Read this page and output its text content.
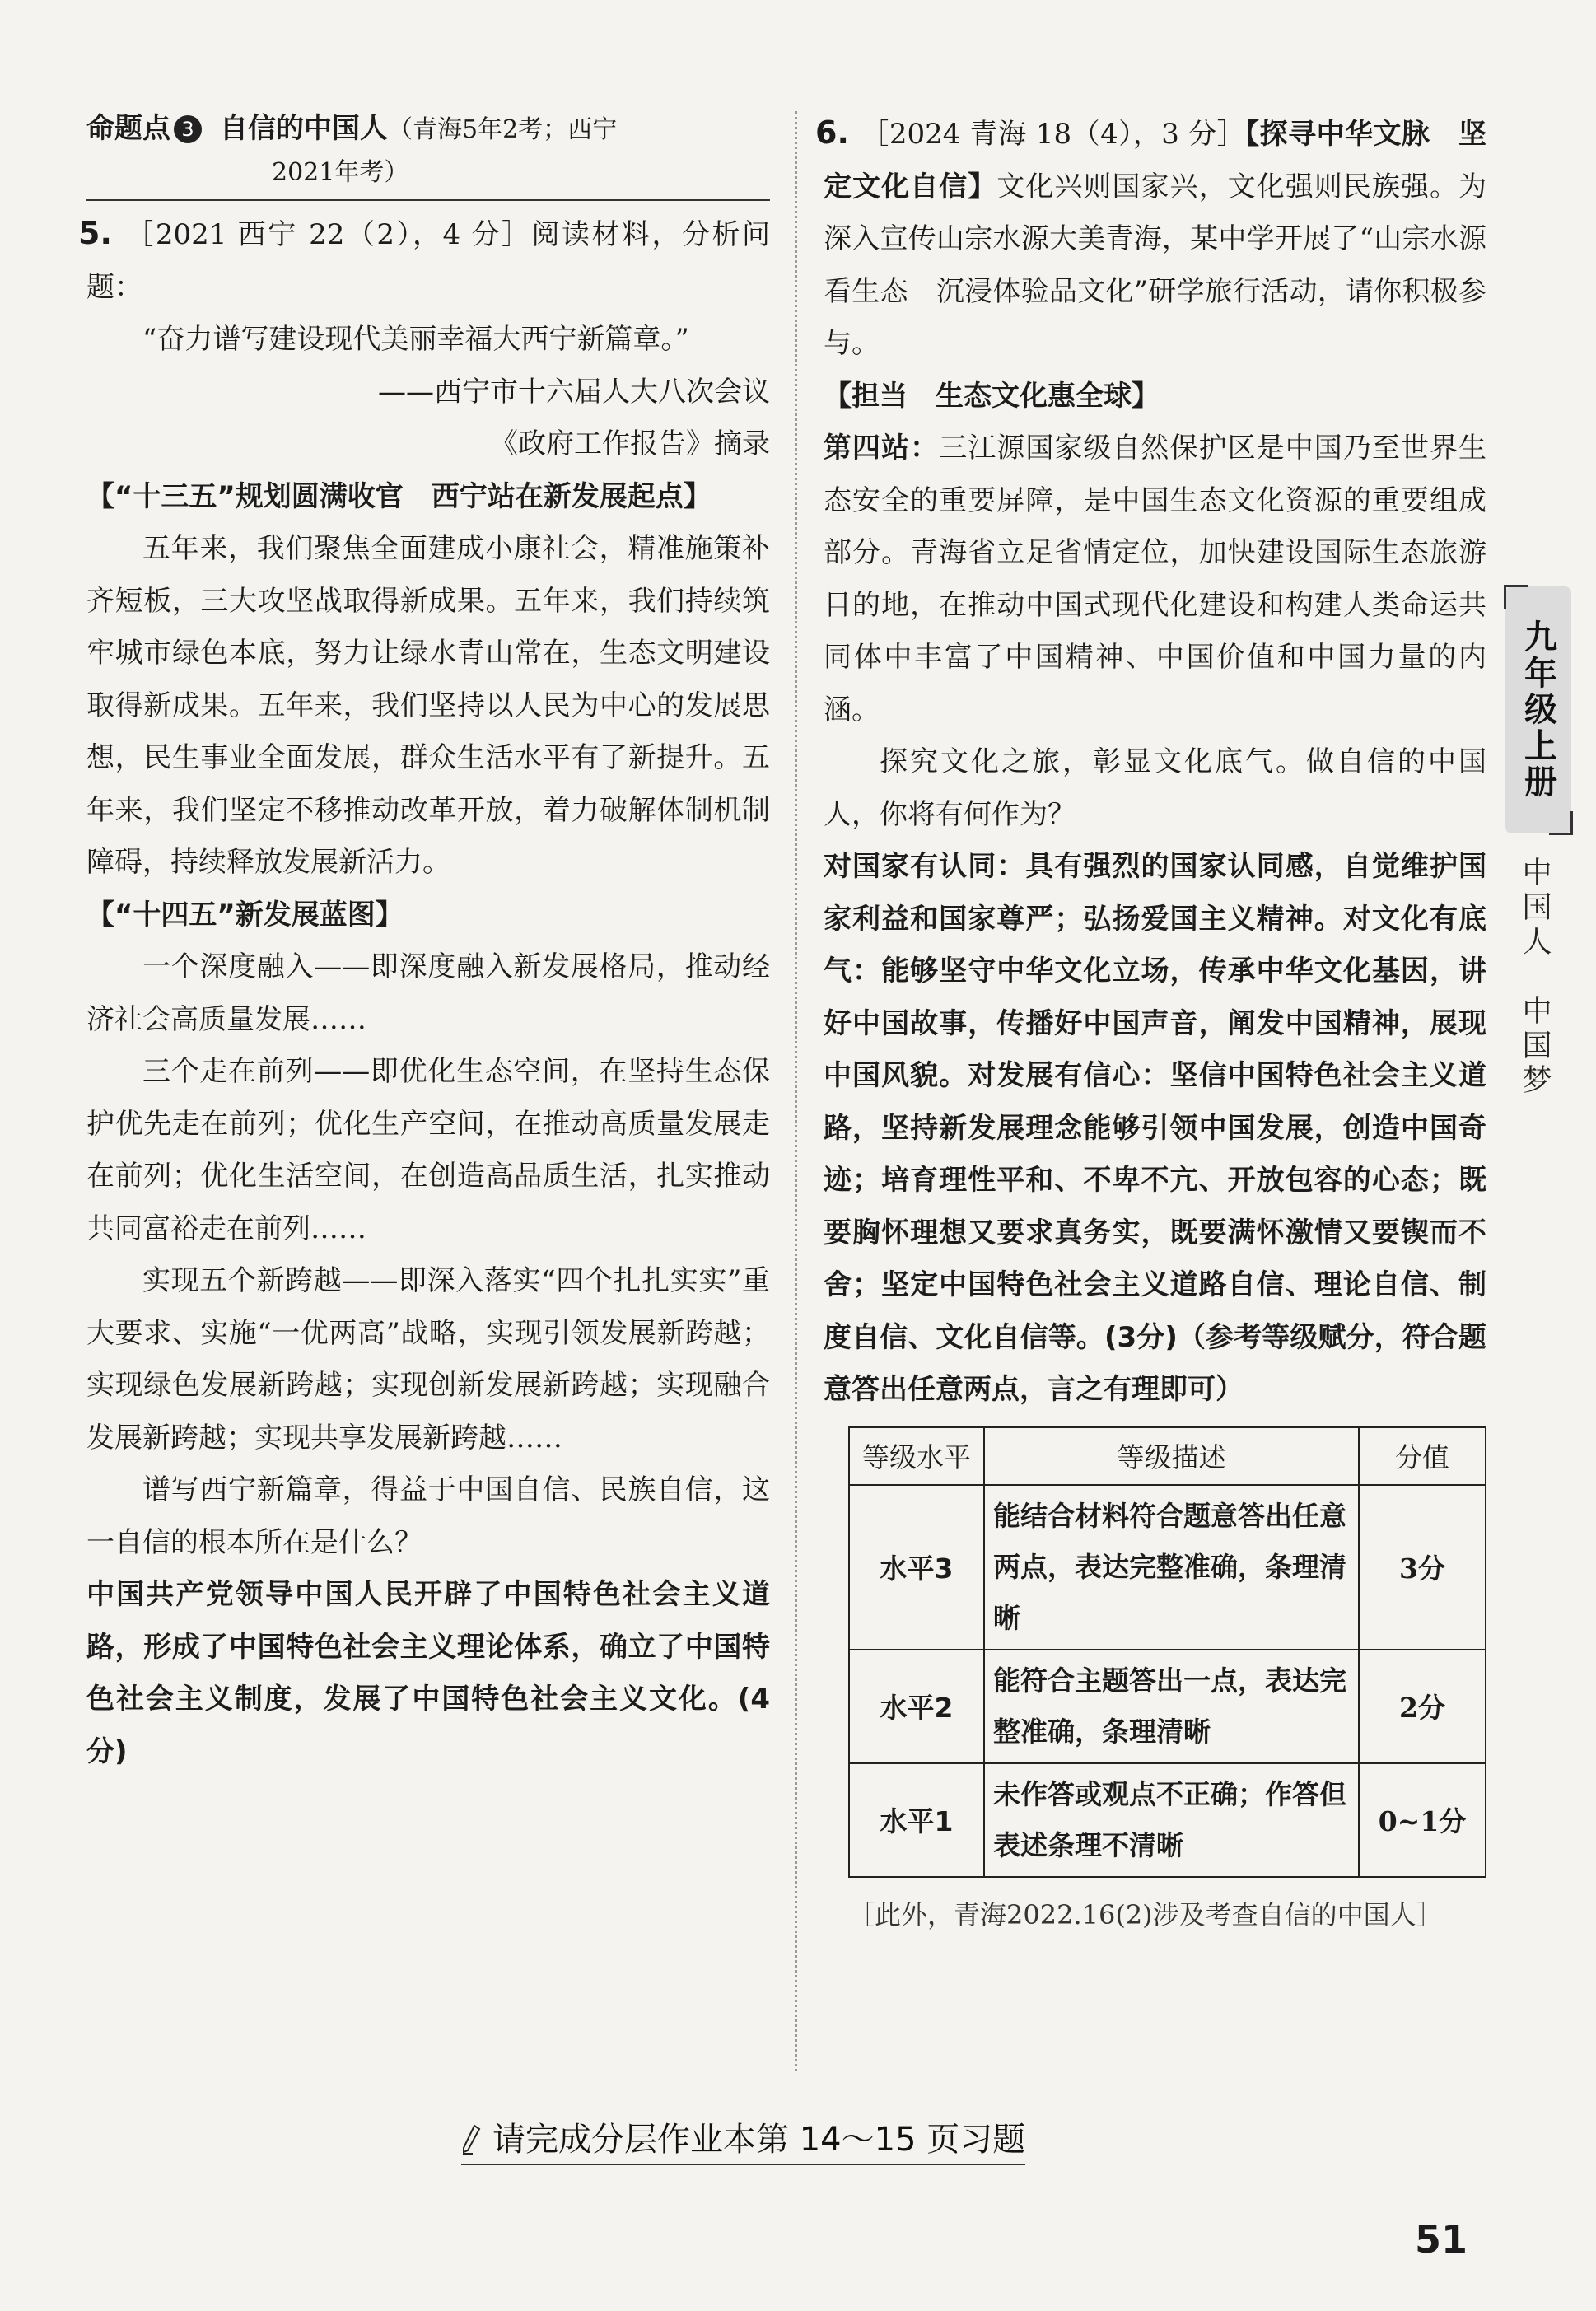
命题点 3 自信的中国人（青海5年2考；西宁
2021年考）

5. ［2021 西宁 22（2），4 分］阅读材料，分析问题：

“奋力谱写建设现代美丽幸福大西宁新篇章。”

——西宁市十六届人大八次会议

《政府工作报告》摘录

【“十三五”规划圆满收官　西宁站在新发展起点】

五年来，我们聚焦全面建成小康社会，精准施策补齐短板，三大攻坚战取得新成果。五年来，我们持续筑牢城市绿色本底，努力让绿水青山常在，生态文明建设取得新成果。五年来，我们坚持以人民为中心的发展思想，民生事业全面发展，群众生活水平有了新提升。五年来，我们坚定不移推动改革开放，着力破解体制机制障碍，持续释放发展新活力。

【“十四五”新发展蓝图】

一个深度融入——即深度融入新发展格局，推动经济社会高质量发展……

三个走在前列——即优化生态空间，在坚持生态保护优先走在前列；优化生产空间，在推动高质量发展走在前列；优化生活空间，在创造高品质生活，扎实推动共同富裕走在前列……

实现五个新跨越——即深入落实“四个扎扎实实”重大要求、实施“一优两高”战略，实现引领发展新跨越；实现绿色发展新跨越；实现创新发展新跨越；实现融合发展新跨越；实现共享发展新跨越……

谱写西宁新篇章，得益于中国自信、民族自信，这一自信的根本所在是什么？

中国共产党领导中国人民开辟了中国特色社会主义道路，形成了中国特色社会主义理论体系，确立了中国特色社会主义制度，发展了中国特色社会主义文化。(4分)

6. ［2024 青海 18（4），3 分］【探寻中华文脉　坚定文化自信】文化兴则国家兴，文化强则民族强。为深入宣传山宗水源大美青海，某中学开展了“山宗水源看生态　沉浸体验品文化”研学旅行活动，请你积极参与。

【担当　生态文化惠全球】

第四站：三江源国家级自然保护区是中国乃至世界生态安全的重要屏障，是中国生态文化资源的重要组成部分。青海省立足省情定位，加快建设国际生态旅游目的地，在推动中国式现代化建设和构建人类命运共同体中丰富了中国精神、中国价值和中国力量的内涵。

探究文化之旅，彰显文化底气。做自信的中国人，你将有何作为？

对国家有认同：具有强烈的国家认同感，自觉维护国家利益和国家尊严；弘扬爱国主义精神。对文化有底气：能够坚守中华文化立场，传承中华文化基因，讲好中国故事，传播好中国声音，阐发中国精神，展现中国风貌。对发展有信心：坚信中国特色社会主义道路，坚持新发展理念能够引领中国发展，创造中国奇迹；培育理性平和、不卑不亢、开放包容的心态；既要胸怀理想又要求真务实，既要满怀激情又要锲而不舍；坚定中国特色社会主义道路自信、理论自信、制度自信、文化自信等。(3分)（参考等级赋分，符合题意答出任意两点，言之有理即可）

等级水平	等级描述	分值
水平3	能结合材料符合题意答出任意两点，表达完整准确，条理清晰	3分
水平2	能符合主题答出一点，表达完整准确，条理清晰	2分
水平1	未作答或观点不正确；作答但表述条理不清晰	0~1分

［此外，青海2022.16(2)涉及考查自信的中国人］

九年级上册
中国人　中国梦
请完成分层作业本第 14～15 页习题
51
